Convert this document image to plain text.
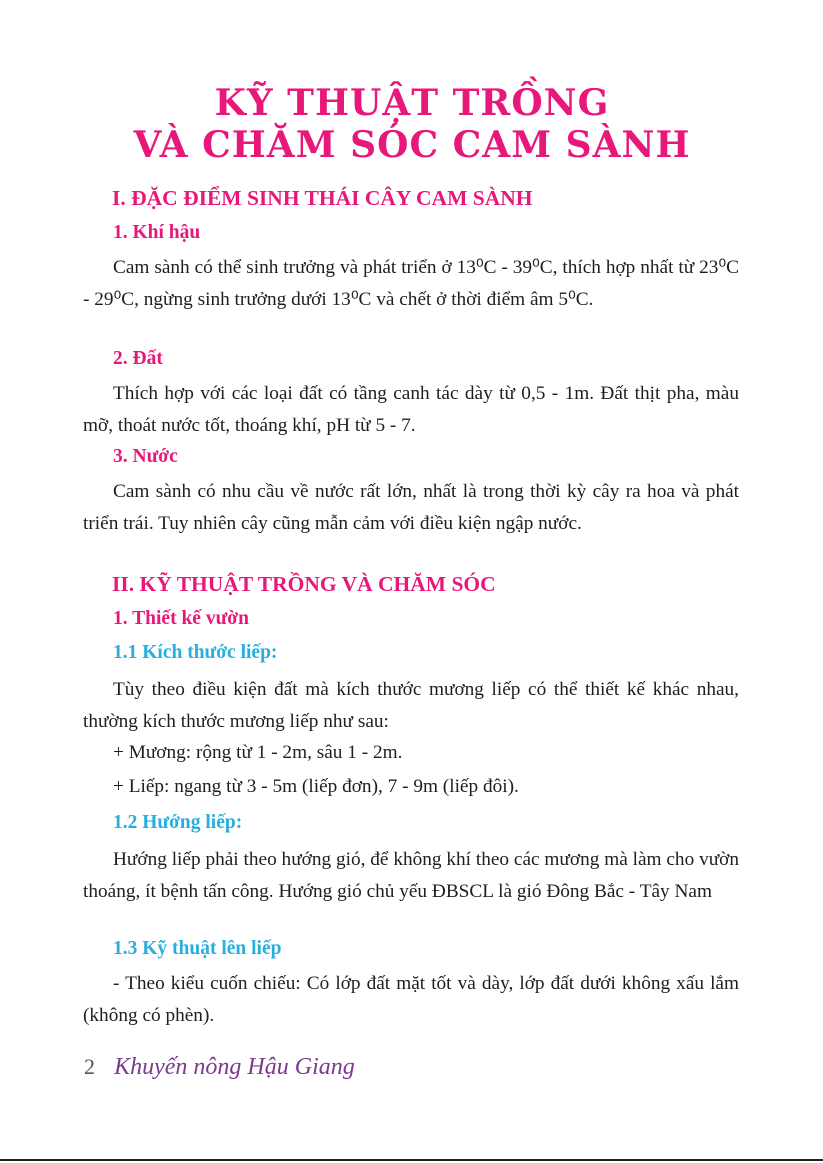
KỸ THUẬT TRỒNG
VÀ CHĂM SÓC CAM SÀNH
I. ĐẶC ĐIỂM SINH THÁI CÂY CAM SÀNH
1. Khí hậu

Cam sành có thể sinh trưởng và phát triển ở 13⁰C - 39⁰C, thích hợp nhất từ 23⁰C - 29⁰C, ngừng sinh trưởng dưới 13⁰C và chết ở thời điểm âm 5⁰C.

2. Đất

Thích hợp với các loại đất có tầng canh tác dày từ 0,5 - 1m. Đất thịt pha, màu mỡ, thoát nước tốt, thoáng khí, pH từ 5 - 7.

3. Nước

Cam sành có nhu cầu về nước rất lớn, nhất là trong thời kỳ cây ra hoa và phát triển trái. Tuy nhiên cây cũng mẫn cảm với điều kiện ngập nước.

II. KỸ THUẬT TRỒNG VÀ CHĂM SÓC
1. Thiết kế vườn
1.1 Kích thước liếp:

Tùy theo điều kiện đất mà kích thước mương liếp có thể thiết kế khác nhau, thường kích thước mương liếp như sau:

+ Mương: rộng từ 1 - 2m, sâu 1 - 2m.

+ Liếp: ngang từ 3 - 5m (liếp đơn), 7 - 9m (liếp đôi).

1.2 Hướng liếp:

Hướng liếp phải theo hướng gió, để không khí theo các mương mà làm cho vườn thoáng, ít bệnh tấn công. Hướng gió chủ yếu ĐBSCL là gió Đông Bắc - Tây Nam

1.3 Kỹ thuật lên liếp

- Theo kiểu cuốn chiếu: Có lớp đất mặt tốt và dày, lớp đất dưới không xấu lắm (không có phèn).

2 Khuyến nông Hậu Giang
